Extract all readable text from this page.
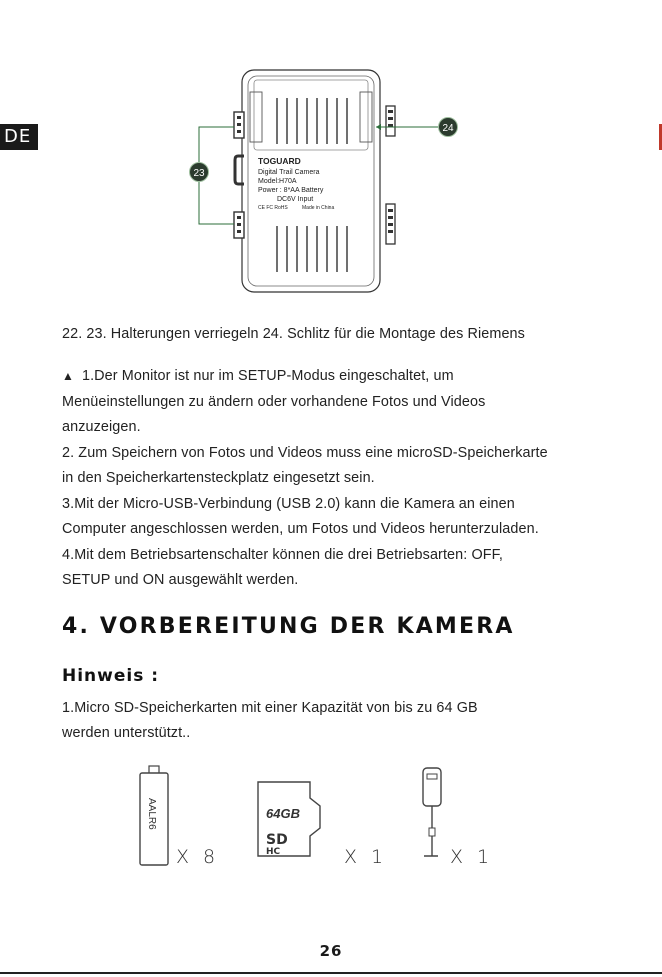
DE
TOGUARD
Digital Trail Camera
Model:H70A
Power : 8*AA Battery
DC6V Input
CE FC RoHS	Made in China
23
24
22. 23. Halterungen verriegeln 24. Schlitz für die Montage des Riemens
▲ 1.Der Monitor ist nur im SETUP-Modus eingeschaltet, um
Menüeinstellungen zu ändern oder vorhandene Fotos und Videos
anzuzeigen.
2. Zum Speichern von Fotos und Videos muss eine microSD-Speicherkarte
in den Speicherkartensteckplatz eingesetzt sein.
3.Mit der Micro-USB-Verbindung (USB 2.0) kann die Kamera an einen
Computer angeschlossen werden, um Fotos und Videos herunterzuladen.
4.Mit dem Betriebsartenschalter können die drei Betriebsarten: OFF,
SETUP und ON ausgewählt werden.
4. VORBEREITUNG DER KAMERA
Hinweis :
1.Micro SD-Speicherkarten mit einer Kapazität von bis zu 64 GB
werden unterstützt..
AALR6
X 8
64GB
SD
HC	X 1	X 1
26
